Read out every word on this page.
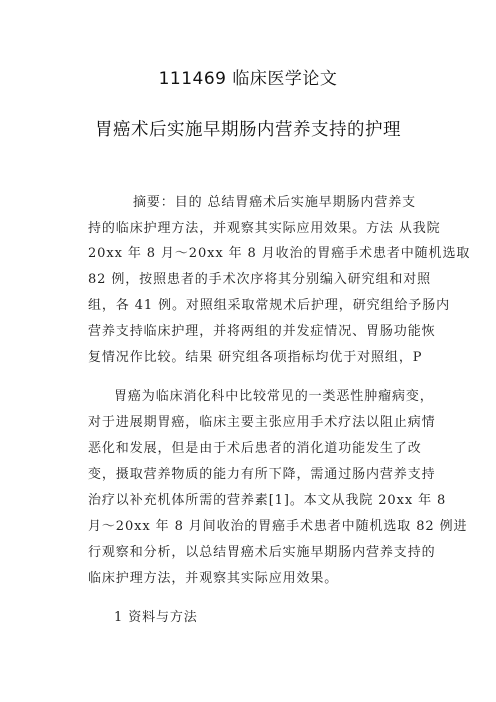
111469 临床医学论文
胃癌术后实施早期肠内营养支持的护理
摘要：目的 总结胃癌术后实施早期肠内营养支
持的临床护理方法，并观察其实际应用效果。方法 从我院
20xx 年 8 月～20xx 年 8 月收治的胃癌手术患者中随机选取
82 例，按照患者的手术次序将其分别编入研究组和对照
组，各 41 例。对照组采取常规术后护理，研究组给予肠内
营养支持临床护理，并将两组的并发症情况、胃肠功能恢
复情况作比较。结果 研究组各项指标均优于对照组，P
胃癌为临床消化科中比较常见的一类恶性肿瘤病变，
对于进展期胃癌，临床主要主张应用手术疗法以阻止病情
恶化和发展，但是由于术后患者的消化道功能发生了改
变，摄取营养物质的能力有所下降，需通过肠内营养支持
治疗以补充机体所需的营养素[1]。本文从我院 20xx 年 8
月～20xx 年 8 月间收治的胃癌手术患者中随机选取 82 例进
行观察和分析，以总结胃癌术后实施早期肠内营养支持的
临床护理方法，并观察其实际应用效果。
1 资料与方法
